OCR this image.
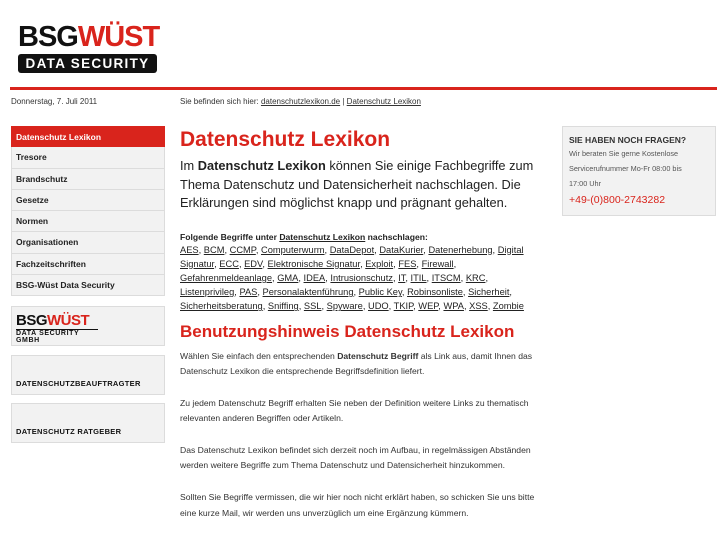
BSGWÜST
DATA SECURITY
Donnerstag, 7. Juli 2011	Sie befinden sich hier: datenschutzlexikon.de | Datenschutz Lexikon
Datenschutz Lexikon
Tresore
Brandschutz
Gesetze
Normen
Organisationen
Fachzeitschriften
BSG-Wüst Data Security
BSGWÜST
DATA SECURITY GMBH
DATENSCHUTZBEAUFTRAGTER
DATENSCHUTZ RATGEBER
Datenschutz Lexikon

Im Datenschutz Lexikon können Sie einige Fachbegriffe zum Thema Datenschutz und Datensicherheit nachschlagen. Die Erklärungen sind möglichst knapp und prägnant gehalten.

Folgende Begriffe unter Datenschutz Lexikon nachschlagen:
AES, BCM, CCMP, Computerwurm, DataDepot, DataKurier, Datenerhebung, Digital Signatur, ECC, EDV, Elektronische Signatur, Exploit, FES, Firewall, Gefahrenmeldeanlage, GMA, IDEA, Intrusionschutz, IT, ITIL, ITSCM, KRC, Listenprivileg, PAS, Personalaktenführung, Public Key, Robinsonliste, Sicherheit, Sicherheitsberatung, Sniffing, SSL, Spyware, UDO, TKIP, WEP, WPA, XSS, Zombie
Benutzungshinweis Datenschutz Lexikon

Wählen Sie einfach den entsprechenden Datenschutz Begriff als Link aus, damit Ihnen das Datenschutz Lexikon die entsprechende Begriffsdefinition liefert.

Zu jedem Datenschutz Begriff erhalten Sie neben der Definition weitere Links zu thematisch relevanten anderen Begriffen oder Artikeln.

Das Datenschutz Lexikon befindet sich derzeit noch im Aufbau, in regelmässigen Abständen werden weitere Begriffe zum Thema Datenschutz und Datensicherheit hinzukommen.

Sollten Sie Begriffe vermissen, die wir hier noch nicht erklärt haben, so schicken Sie uns bitte eine kurze Mail, wir werden uns unverzüglich um eine Ergänzung kümmern.

SIE HABEN NOCH FRAGEN?
Wir beraten Sie gerne Kostenlose
Servicerufnummer Mo-Fr 08:00 bis
17:00 Uhr
+49-(0)800-2743282
